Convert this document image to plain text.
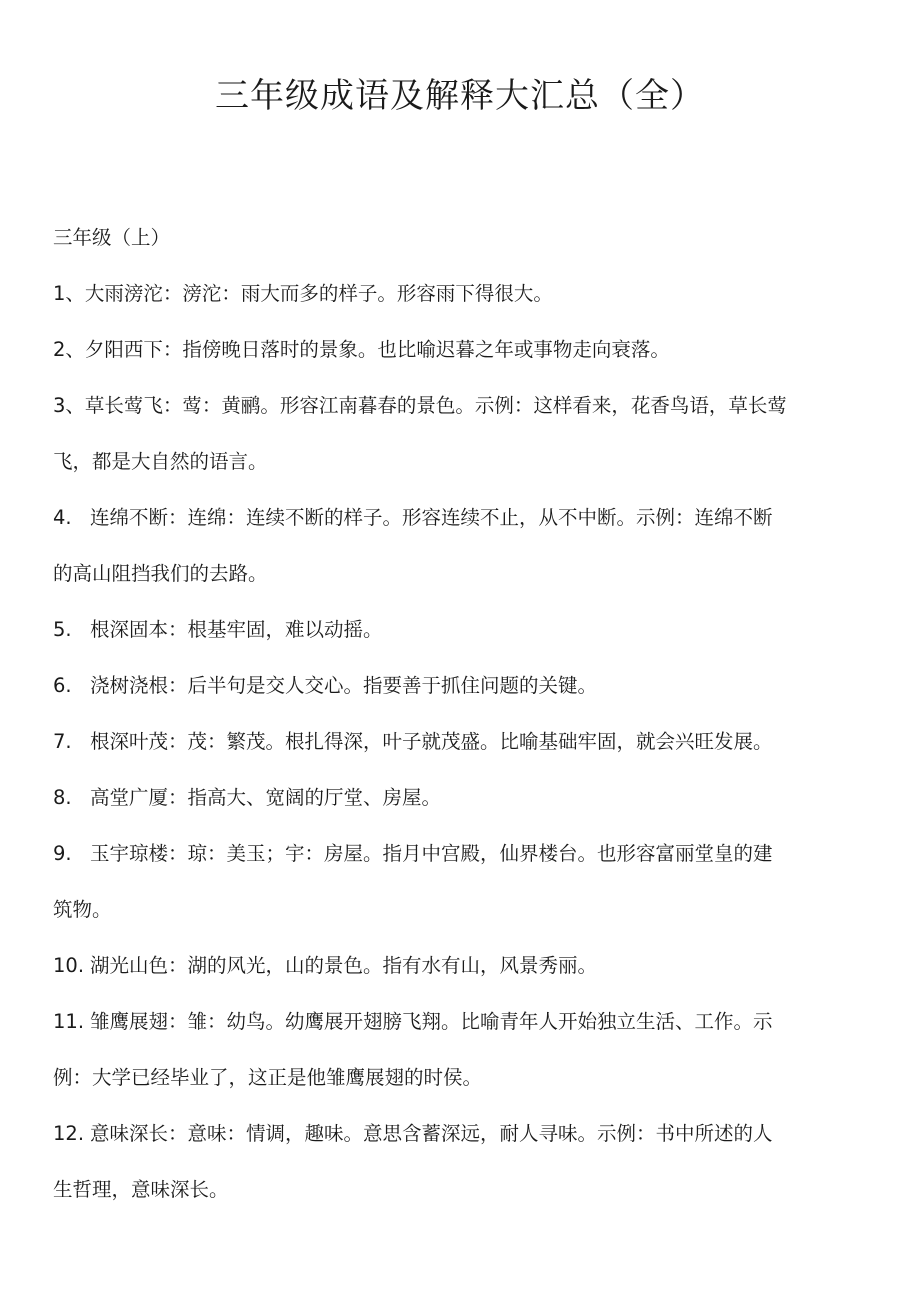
三年级成语及解释大汇总（全）
三年级（上）
1、大雨滂沱：滂沱：雨大而多的样子。形容雨下得很大。
2、夕阳西下：指傍晚日落时的景象。也比喻迟暮之年或事物走向衰落。
3、草长莺飞：莺：黄鹂。形容江南暮春的景色。示例：这样看来，花香鸟语，草长莺
飞，都是大自然的语言。
4. 连绵不断：连绵：连续不断的样子。形容连续不止，从不中断。示例：连绵不断
的高山阻挡我们的去路。
5. 根深固本：根基牢固，难以动摇。
6. 浇树浇根：后半句是交人交心。指要善于抓住问题的关键。
7. 根深叶茂：茂：繁茂。根扎得深，叶子就茂盛。比喻基础牢固，就会兴旺发展。
8. 高堂广厦：指高大、宽阔的厅堂、房屋。
9. 玉宇琼楼：琼：美玉；宇：房屋。指月中宫殿，仙界楼台。也形容富丽堂皇的建
筑物。
10. 湖光山色：湖的风光，山的景色。指有水有山，风景秀丽。
11. 雏鹰展翅：雏：幼鸟。幼鹰展开翅膀飞翔。比喻青年人开始独立生活、工作。示
例：大学已经毕业了，这正是他雏鹰展翅的时侯。
12. 意味深长：意味：情调，趣味。意思含蓄深远，耐人寻味。示例：书中所述的人
生哲理，意味深长。
